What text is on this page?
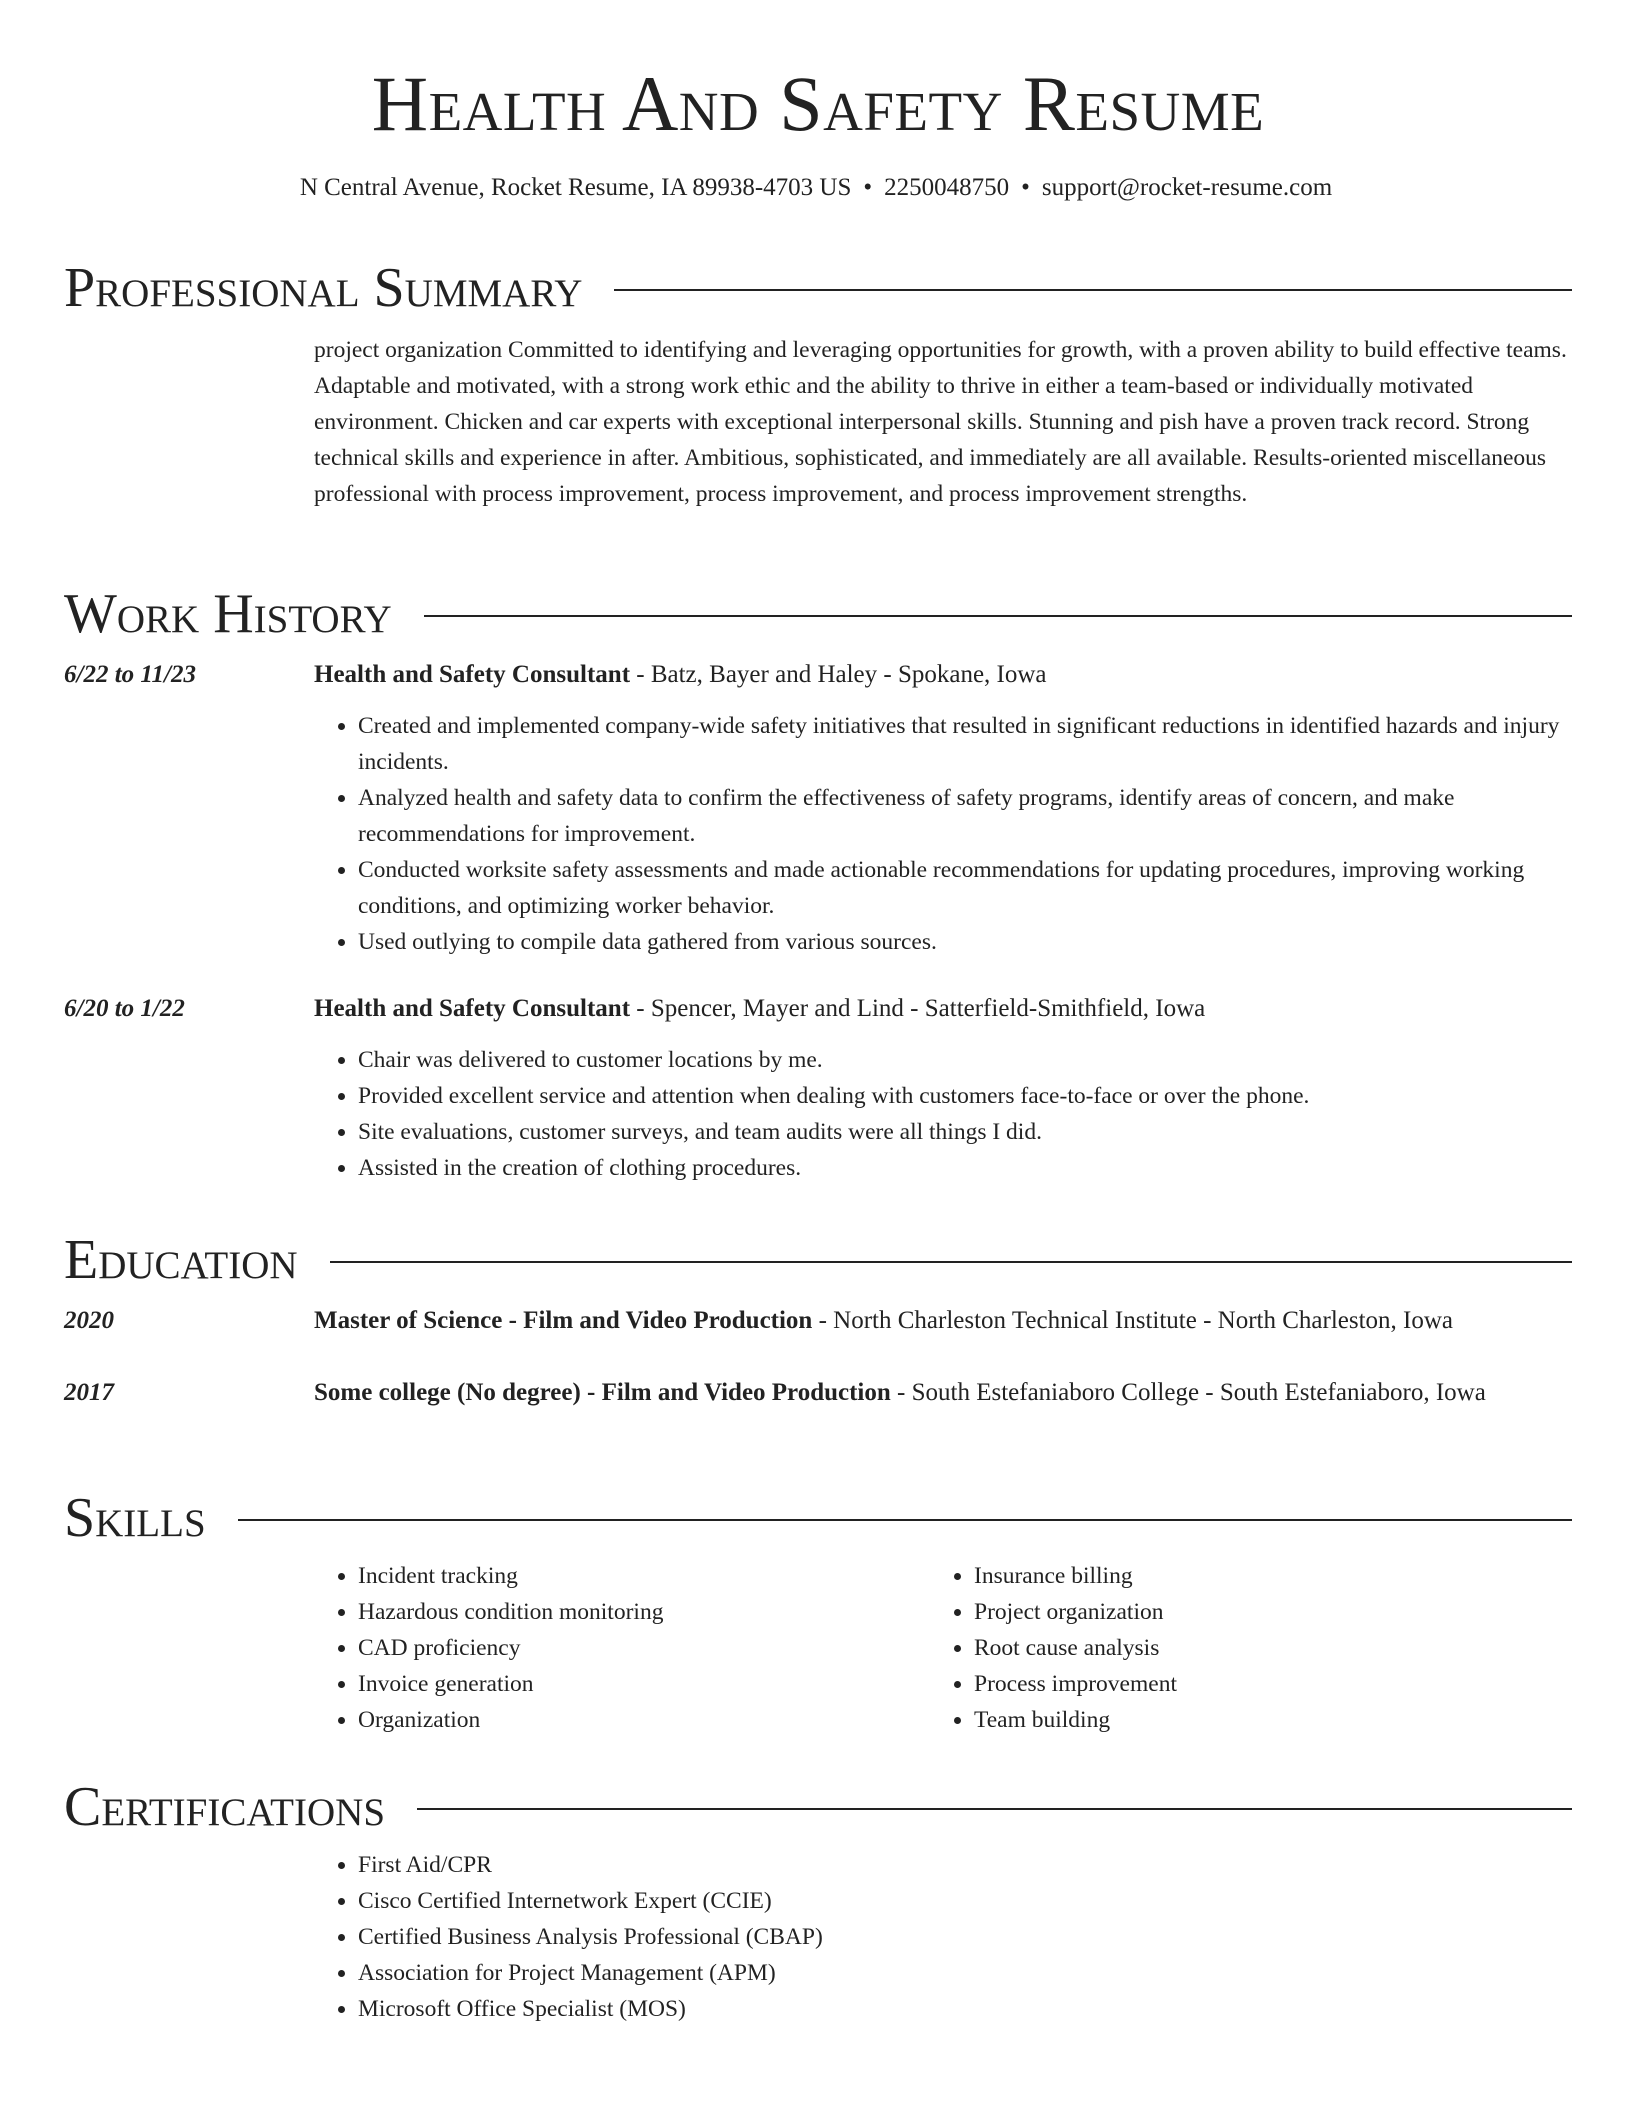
Health And Safety Resume
N Central Avenue, Rocket Resume, IA 89938-4703 US • 2250048750 • support@rocket-resume.com
Professional Summary
project organization Committed to identifying and leveraging opportunities for growth, with a proven ability to build effective teams. Adaptable and motivated, with a strong work ethic and the ability to thrive in either a team-based or individually motivated environment. Chicken and car experts with exceptional interpersonal skills. Stunning and pish have a proven track record. Strong technical skills and experience in after. Ambitious, sophisticated, and immediately are all available. Results-oriented miscellaneous professional with process improvement, process improvement, and process improvement strengths.
Work History
6/22 to 11/23	Health and Safety Consultant - Batz, Bayer and Haley - Spokane, Iowa
• Created and implemented company-wide safety initiatives that resulted in significant reductions in identified hazards and injury incidents.
• Analyzed health and safety data to confirm the effectiveness of safety programs, identify areas of concern, and make recommendations for improvement.
• Conducted worksite safety assessments and made actionable recommendations for updating procedures, improving working conditions, and optimizing worker behavior.
• Used outlying to compile data gathered from various sources.
6/20 to 1/22	Health and Safety Consultant - Spencer, Mayer and Lind - Satterfield-Smithfield, Iowa
• Chair was delivered to customer locations by me.
• Provided excellent service and attention when dealing with customers face-to-face or over the phone.
• Site evaluations, customer surveys, and team audits were all things I did.
• Assisted in the creation of clothing procedures.
Education
2020	Master of Science - Film and Video Production - North Charleston Technical Institute - North Charleston, Iowa
2017	Some college (No degree) - Film and Video Production - South Estefaniaboro College - South Estefaniaboro, Iowa
Skills
• Incident tracking
• Hazardous condition monitoring
• CAD proficiency
• Invoice generation
• Organization
• Insurance billing
• Project organization
• Root cause analysis
• Process improvement
• Team building
Certifications
• First Aid/CPR
• Cisco Certified Internetwork Expert (CCIE)
• Certified Business Analysis Professional (CBAP)
• Association for Project Management (APM)
• Microsoft Office Specialist (MOS)
